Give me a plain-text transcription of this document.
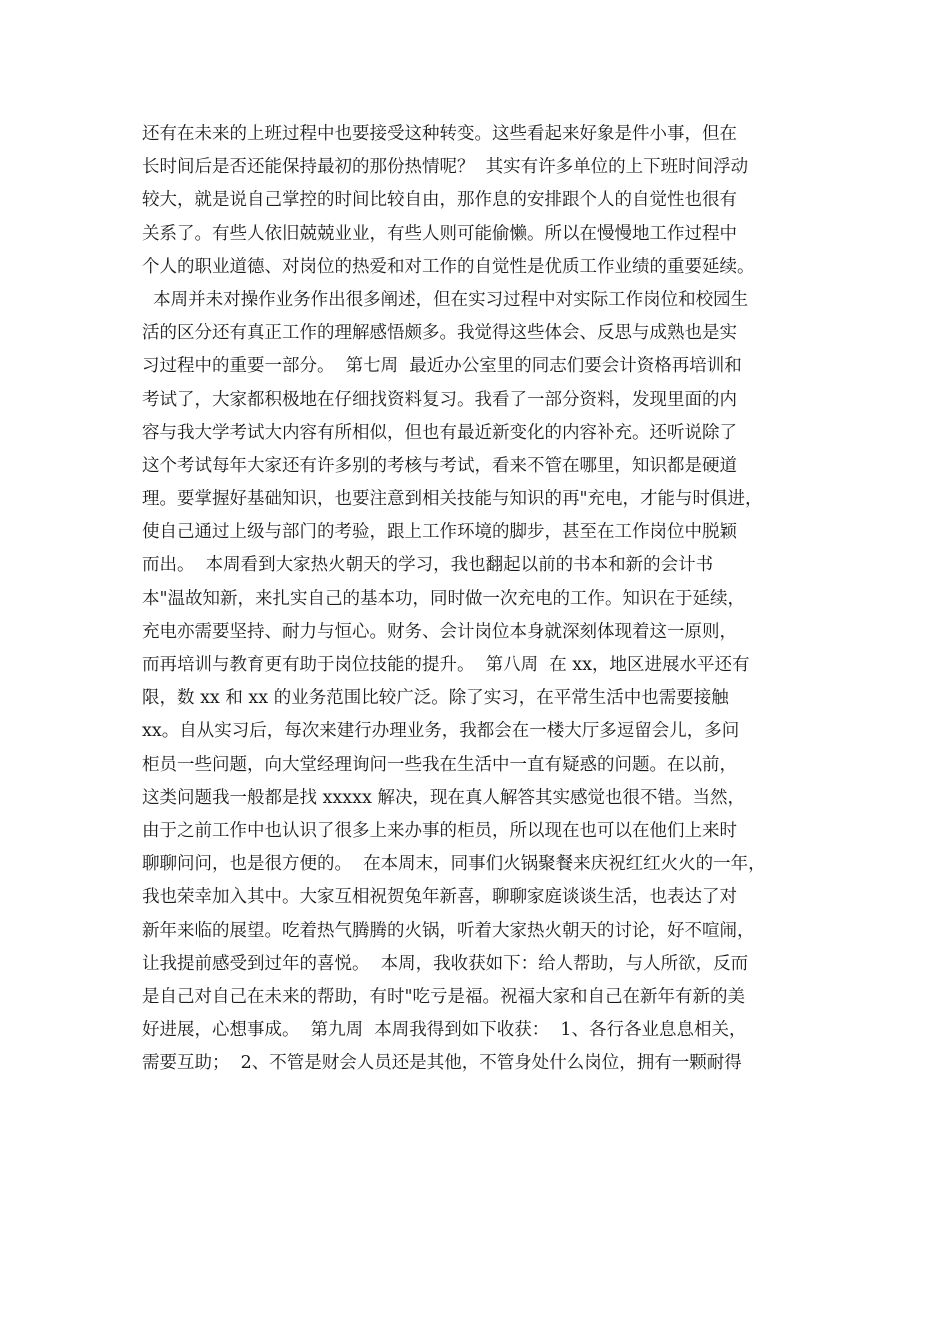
还有在未来的上班过程中也要接受这种转变。这些看起来好象是件小事，但在
长时间后是否还能保持最初的那份热情呢？  其实有许多单位的上下班时间浮动
较大，就是说自己掌控的时间比较自由，那作息的安排跟个人的自觉性也很有
关系了。有些人依旧兢兢业业，有些人则可能偷懒。所以在慢慢地工作过程中
个人的职业道德、对岗位的热爱和对工作的自觉性是优质工作业绩的重要延续。
本周并未对操作业务作出很多阐述，但在实习过程中对实际工作岗位和校园生
活的区分还有真正工作的理解感悟颇多。我觉得这些体会、反思与成熟也是实
习过程中的重要一部分。  第七周  最近办公室里的同志们要会计资格再培训和
考试了，大家都积极地在仔细找资料复习。我看了一部分资料，发现里面的内
容与我大学考试大内容有所相似，但也有最近新变化的内容补充。还听说除了
这个考试每年大家还有许多别的考核与考试，看来不管在哪里，知识都是硬道
理。要掌握好基础知识，也要注意到相关技能与知识的再"充电，才能与时俱进，
使自己通过上级与部门的考验，跟上工作环境的脚步，甚至在工作岗位中脱颖
而出。  本周看到大家热火朝天的学习，我也翻起以前的书本和新的会计书
本"温故知新，来扎实自己的基本功，同时做一次充电的工作。知识在于延续，
充电亦需要坚持、耐力与恒心。财务、会计岗位本身就深刻体现着这一原则，
而再培训与教育更有助于岗位技能的提升。  第八周  在 xx，地区进展水平还有
限，数 xx 和 xx 的业务范围比较广泛。除了实习，在平常生活中也需要接触
xx。自从实习后，每次来建行办理业务，我都会在一楼大厅多逗留会儿，多问
柜员一些问题，向大堂经理询问一些我在生活中一直有疑惑的问题。在以前，
这类问题我一般都是找 xxxxx 解决，现在真人解答其实感觉也很不错。当然，
由于之前工作中也认识了很多上来办事的柜员，所以现在也可以在他们上来时
聊聊问问，也是很方便的。  在本周末，同事们火锅聚餐来庆祝红红火火的一年，
我也荣幸加入其中。大家互相祝贺兔年新喜，聊聊家庭谈谈生活，也表达了对
新年来临的展望。吃着热气腾腾的火锅，听着大家热火朝天的讨论，好不喧闹，
让我提前感受到过年的喜悦。  本周，我收获如下：给人帮助，与人所欲，反而
是自己对自己在未来的帮助，有时"吃亏是福。祝福大家和自己在新年有新的美
好进展，心想事成。  第九周  本周我得到如下收获：  1、各行各业息息相关，
需要互助；  2、不管是财会人员还是其他，不管身处什么岗位，拥有一颗耐得
